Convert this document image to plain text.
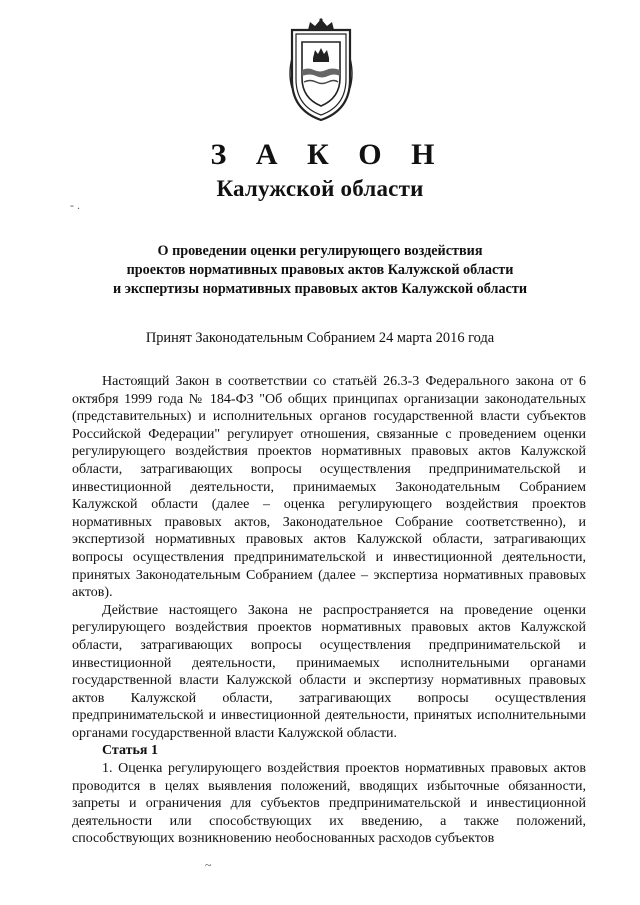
З А К О Н
Калужской области
О проведении оценки регулирующего воздействия
проектов нормативных правовых актов Калужской области
и экспертизы нормативных правовых актов Калужской области
Принят Законодательным Собранием 24 марта 2016 года

Настоящий Закон в соответствии со статьёй 26.3-3 Федерального закона от 6 октября 1999 года № 184-ФЗ "Об общих принципах организации законодательных (представительных) и исполнительных органов государственной власти субъектов Российской Федерации" регулирует отношения, связанные с проведением оценки регулирующего воздействия проектов нормативных правовых актов Калужской области, затрагивающих вопросы осуществления предпринимательской и инвестиционной деятельности, принимаемых Законодательным Собранием Калужской области (далее – оценка регулирующего воздействия проектов нормативных правовых актов, Законодательное Собрание соответственно), и экспертизой нормативных правовых актов Калужской области, затрагивающих вопросы осуществления предпринимательской и инвестиционной деятельности, принятых Законодательным Собранием (далее – экспертиза нормативных правовых актов).

Действие настоящего Закона не распространяется на проведение оценки регулирующего воздействия проектов нормативных правовых актов Калужской области, затрагивающих вопросы осуществления предпринимательской и инвестиционной деятельности, принимаемых исполнительными органами государственной власти Калужской области и экспертизу нормативных правовых актов Калужской области, затрагивающих вопросы осуществления предпринимательской и инвестиционной деятельности, принятых исполнительными органами государственной власти Калужской области.

Статья 1

1. Оценка регулирующего воздействия проектов нормативных правовых актов проводится в целях выявления положений, вводящих избыточные обязанности, запреты и ограничения для субъектов предпринимательской и инвестиционной деятельности или способствующих их введению, а также положений, способствующих возникновению необоснованных расходов субъектов

- .
~
